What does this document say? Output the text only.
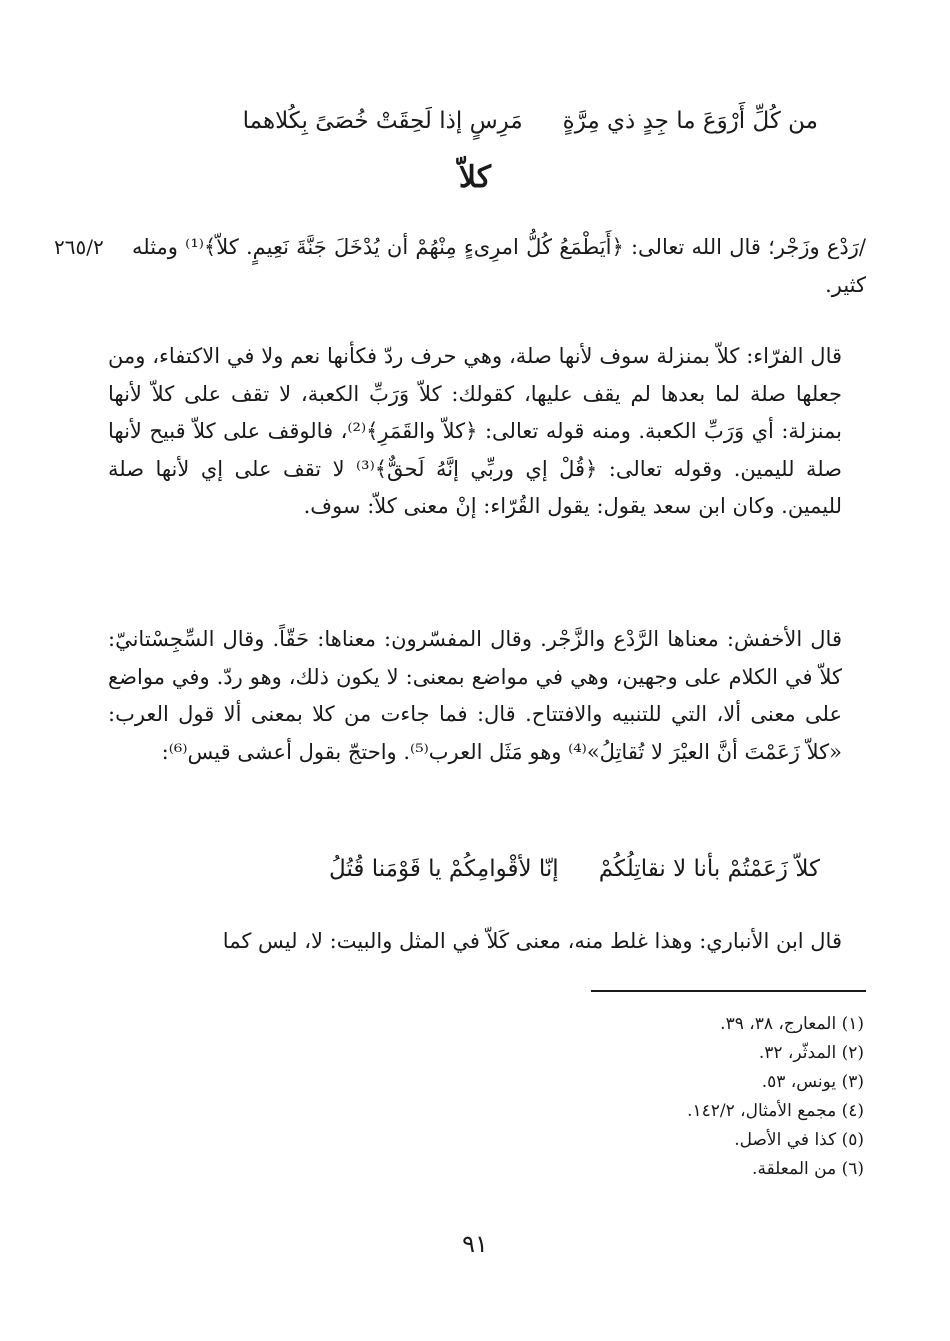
من كُلِّ أَرْوَعَ ما جِدٍ ذي مِرَّةٍ
مَرِسٍ إذا لَحِقَتْ خُصَىً بِكُلاهما
كلاّ
٢٦٥/٢ /رَدْع وزَجْر؛ قال الله تعالى: ﴿أَيَطْمَعُ كُلُّ امرِىءٍ مِنْهُمْ أن يُدْخَلَ جَنَّةَ نَعِيمٍ. كلاّ﴾⁽¹⁾ ومثله كثير.

قال الفرّاء: كلاّ بمنزلة سوف لأنها صلة، وهي حرف ردّ فكأنها نعم ولا في الاكتفاء، ومن جعلها صلة لما بعدها لم يقف عليها، كقولك: كلاّ وَرَبِّ الكعبة، لا تقف على كلاّ لأنها بمنزلة: أي وَرَبِّ الكعبة. ومنه قوله تعالى: ﴿كلاّ والقَمَرِ﴾⁽²⁾، فالوقف على كلاّ قبيح لأنها صلة لليمين. وقوله تعالى: ﴿قُلْ إي وربِّي إنَّهُ لَحقٌّ﴾⁽³⁾ لا تقف على إي لأنها صلة لليمين. وكان ابن سعد يقول: يقول القُرّاء: إنْ معنى كلاّ: سوف.

قال الأخفش: معناها الرَّدْع والزَّجْر. وقال المفسّرون: معناها: حَقّاً. وقال السِّجِسْتانيّ: كلاّ في الكلام على وجهين، وهي في مواضع بمعنى: لا يكون ذلك، وهو ردّ. وفي مواضع على معنى ألا، التي للتنبيه والافتتاح. قال: فما جاءت من كلا بمعنى ألا قول العرب: «كلاّ زَعَمْتَ أنَّ العيْرَ لا تُقاتِلُ»⁽⁴⁾ وهو مَثَل العرب⁽⁵⁾. واحتجّ بقول أعشى قيس⁽⁶⁾:

كلاّ زَعَمْتُمْ بأنا لا نقاتِلُكُمْ
إنّا لأقْوامِكُمْ يا قَوْمَنا قُتُلُ

قال ابن الأنباري: وهذا غلط منه، معنى كَلاّ في المثل والبيت: لا، ليس كما

(١) المعارج، ٣٨، ٣٩.
(٢) المدثّر، ٣٢.
(٣) يونس، ٥٣.
(٤) مجمع الأمثال، ١٤٢/٢.
(٥) كذا في الأصل.
(٦) من المعلقة.
٩١
